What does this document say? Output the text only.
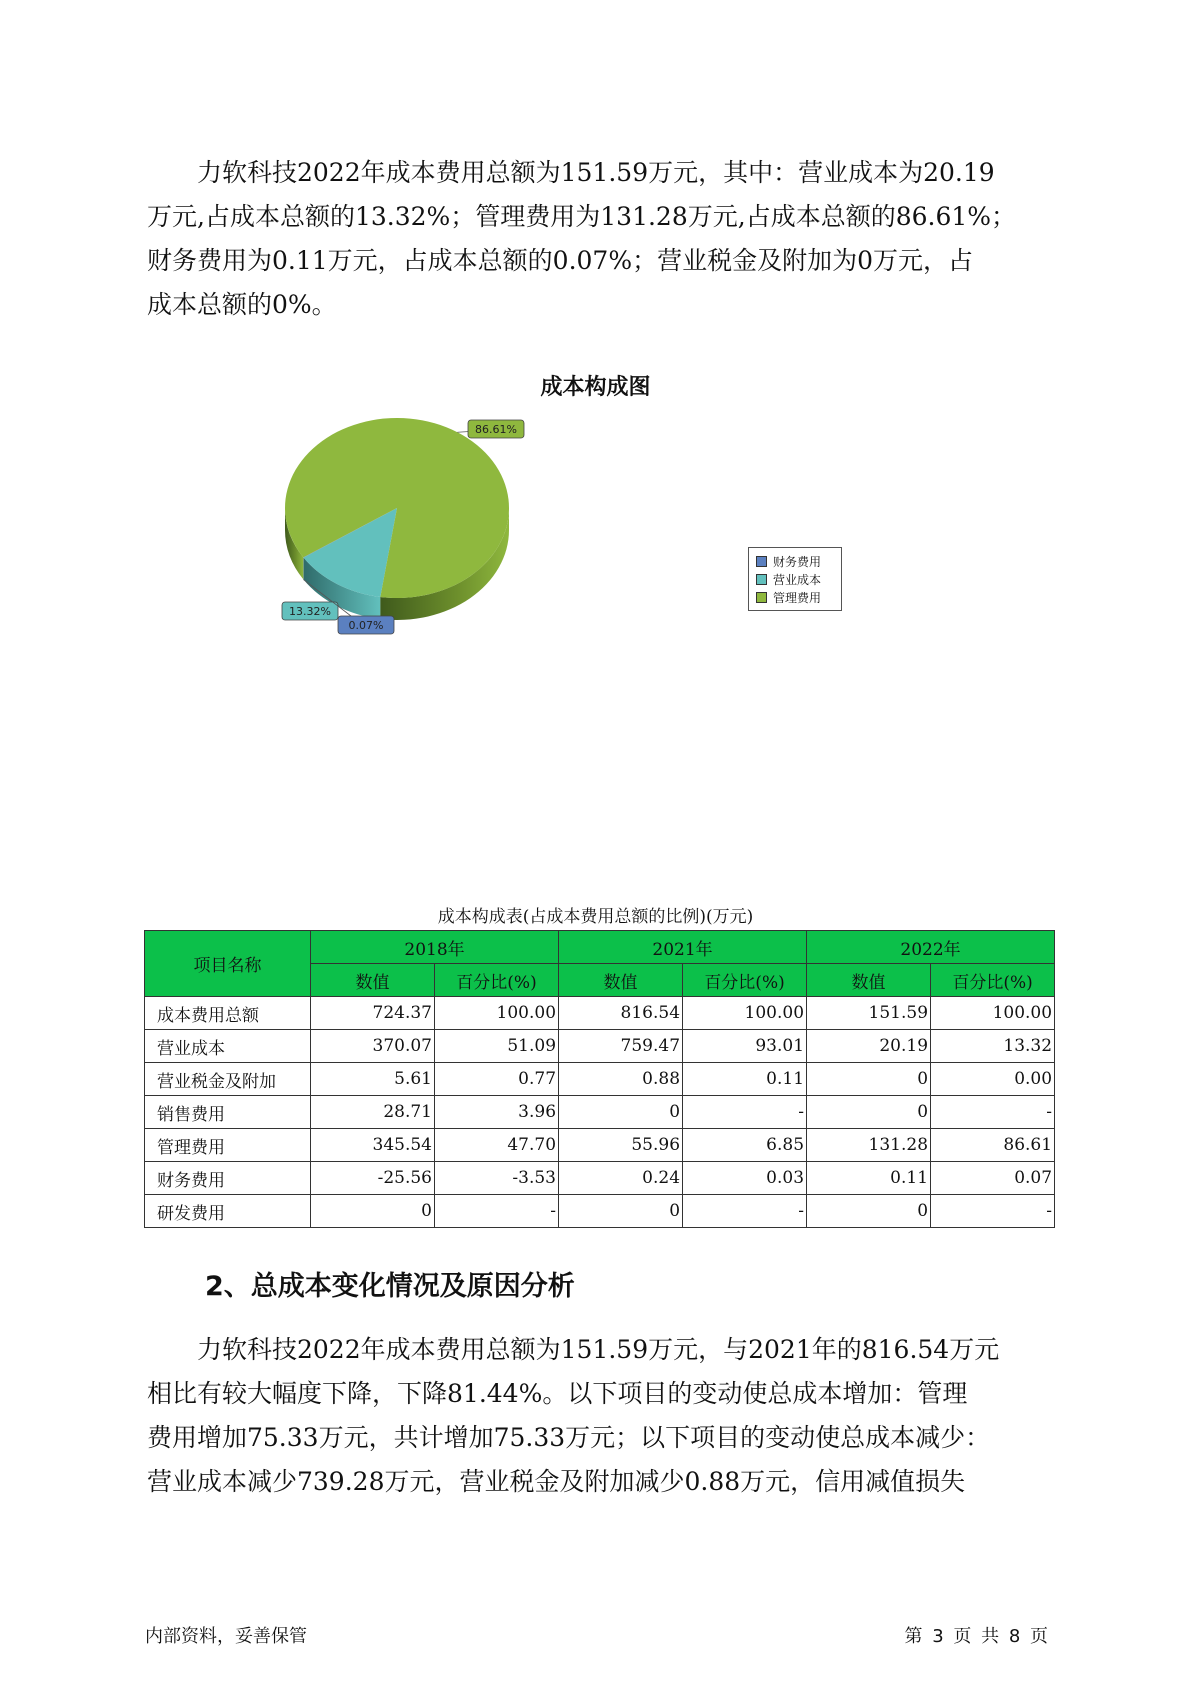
　　力软科技2022年成本费用总额为151.59万元，其中：营业成本为20.19
万元,占成本总额的13.32%；管理费用为131.28万元,占成本总额的86.61%；
财务费用为0.11万元，占成本总额的0.07%；营业税金及附加为0万元，占
成本总额的0%。
成本构成图
13.32%
0.07%
86.61%
财务费用
营业成本
管理费用
成本构成表(占成本费用总额的比例)(万元)
项目名称	2018年		2021年		2022年	
	数值	百分比(%)	数值	百分比(%)	数值	百分比(%)
成本费用总额	724.37	100.00	816.54	100.00	151.59	100.00
营业成本	370.07	51.09	759.47	93.01	20.19	13.32
营业税金及附加	5.61	0.77	0.88	0.11	0	0.00
销售费用	28.71	3.96	0	-	0	-
管理费用	345.54	47.70	55.96	6.85	131.28	86.61
财务费用	-25.56	-3.53	0.24	0.03	0.11	0.07
研发费用	0	-	0	-	0	-
2、总成本变化情况及原因分析
　　力软科技2022年成本费用总额为151.59万元，与2021年的816.54万元
相比有较大幅度下降，下降81.44%。以下项目的变动使总成本增加：管理
费用增加75.33万元，共计增加75.33万元；以下项目的变动使总成本减少：
营业成本减少739.28万元，营业税金及附加减少0.88万元，信用减值损失
内部资料，妥善保管	第 3 页 共 8 页
